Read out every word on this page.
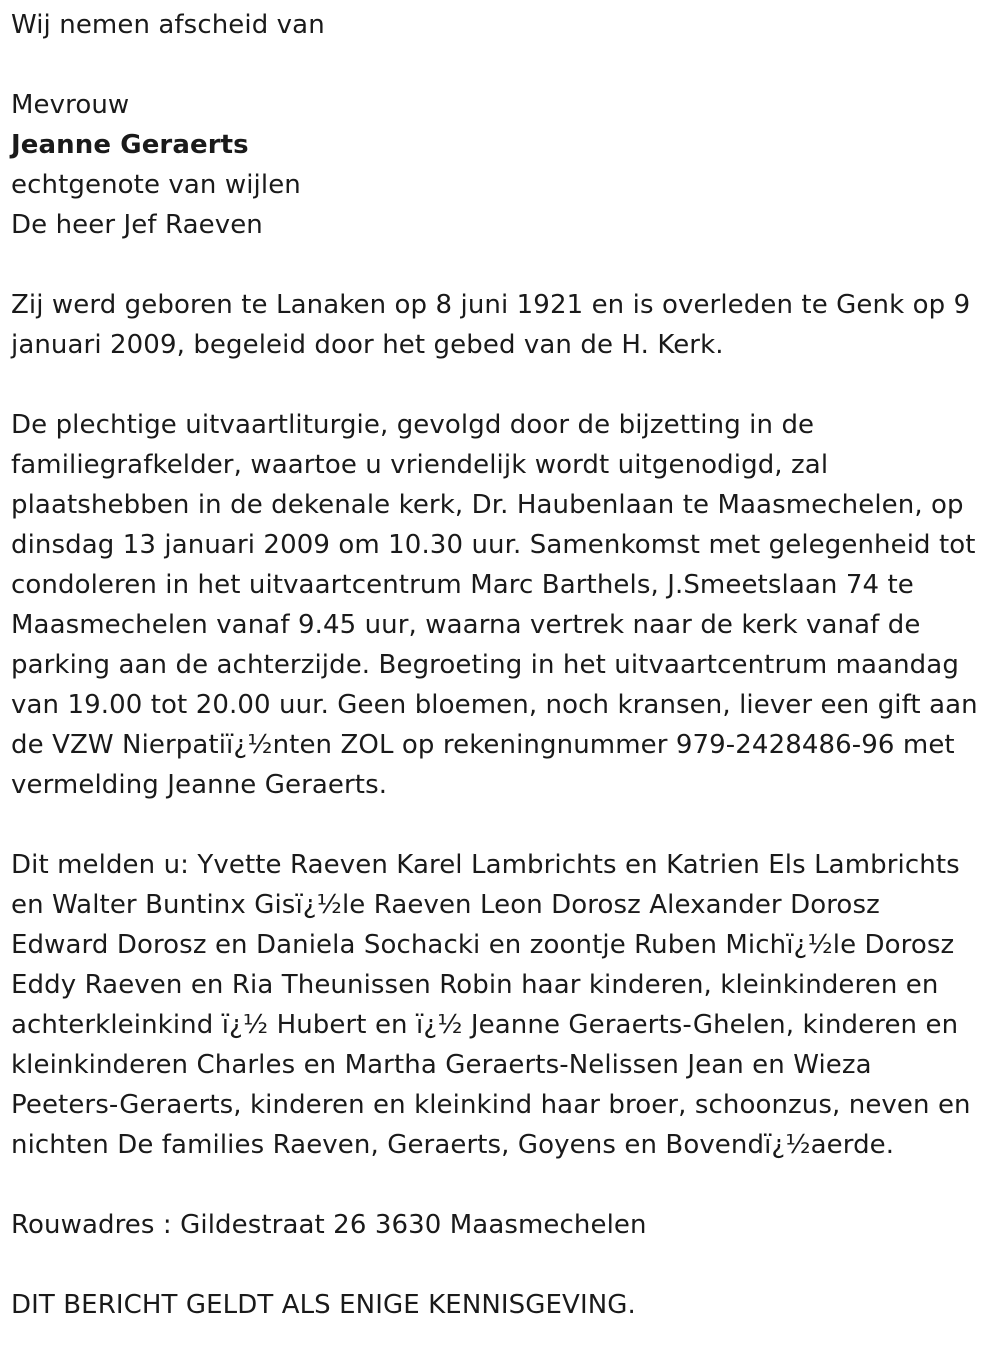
Wij nemen afscheid van
Mevrouw
Jeanne Geraerts
echtgenote van wijlen
De heer Jef Raeven
Zij werd geboren te Lanaken op 8 juni 1921 en is overleden te Genk op 9
januari 2009, begeleid door het gebed van de H. Kerk.
De plechtige uitvaartliturgie, gevolgd door de bijzetting in de
familiegrafkelder, waartoe u vriendelijk wordt uitgenodigd, zal
plaatshebben in de dekenale kerk, Dr. Haubenlaan te Maasmechelen, op
dinsdag 13 januari 2009 om 10.30 uur. Samenkomst met gelegenheid tot
condoleren in het uitvaartcentrum Marc Barthels, J.Smeetslaan 74 te
Maasmechelen vanaf 9.45 uur, waarna vertrek naar de kerk vanaf de
parking aan de achterzijde. Begroeting in het uitvaartcentrum maandag
van 19.00 tot 20.00 uur. Geen bloemen, noch kransen, liever een gift aan
de VZW Nierpatiï¿½nten ZOL op rekeningnummer 979-2428486-96 met
vermelding Jeanne Geraerts.
Dit melden u: Yvette Raeven Karel Lambrichts en Katrien Els Lambrichts
en Walter Buntinx Gisï¿½le Raeven Leon Dorosz Alexander Dorosz
Edward Dorosz en Daniela Sochacki en zoontje Ruben Michï¿½le Dorosz
Eddy Raeven en Ria Theunissen Robin haar kinderen, kleinkinderen en
achterkleinkind ï¿½ Hubert en ï¿½ Jeanne Geraerts-Ghelen, kinderen en
kleinkinderen Charles en Martha Geraerts-Nelissen Jean en Wieza
Peeters-Geraerts, kinderen en kleinkind haar broer, schoonzus, neven en
nichten De families Raeven, Geraerts, Goyens en Bovendï¿½aerde.
Rouwadres : Gildestraat 26 3630 Maasmechelen
DIT BERICHT GELDT ALS ENIGE KENNISGEVING.
